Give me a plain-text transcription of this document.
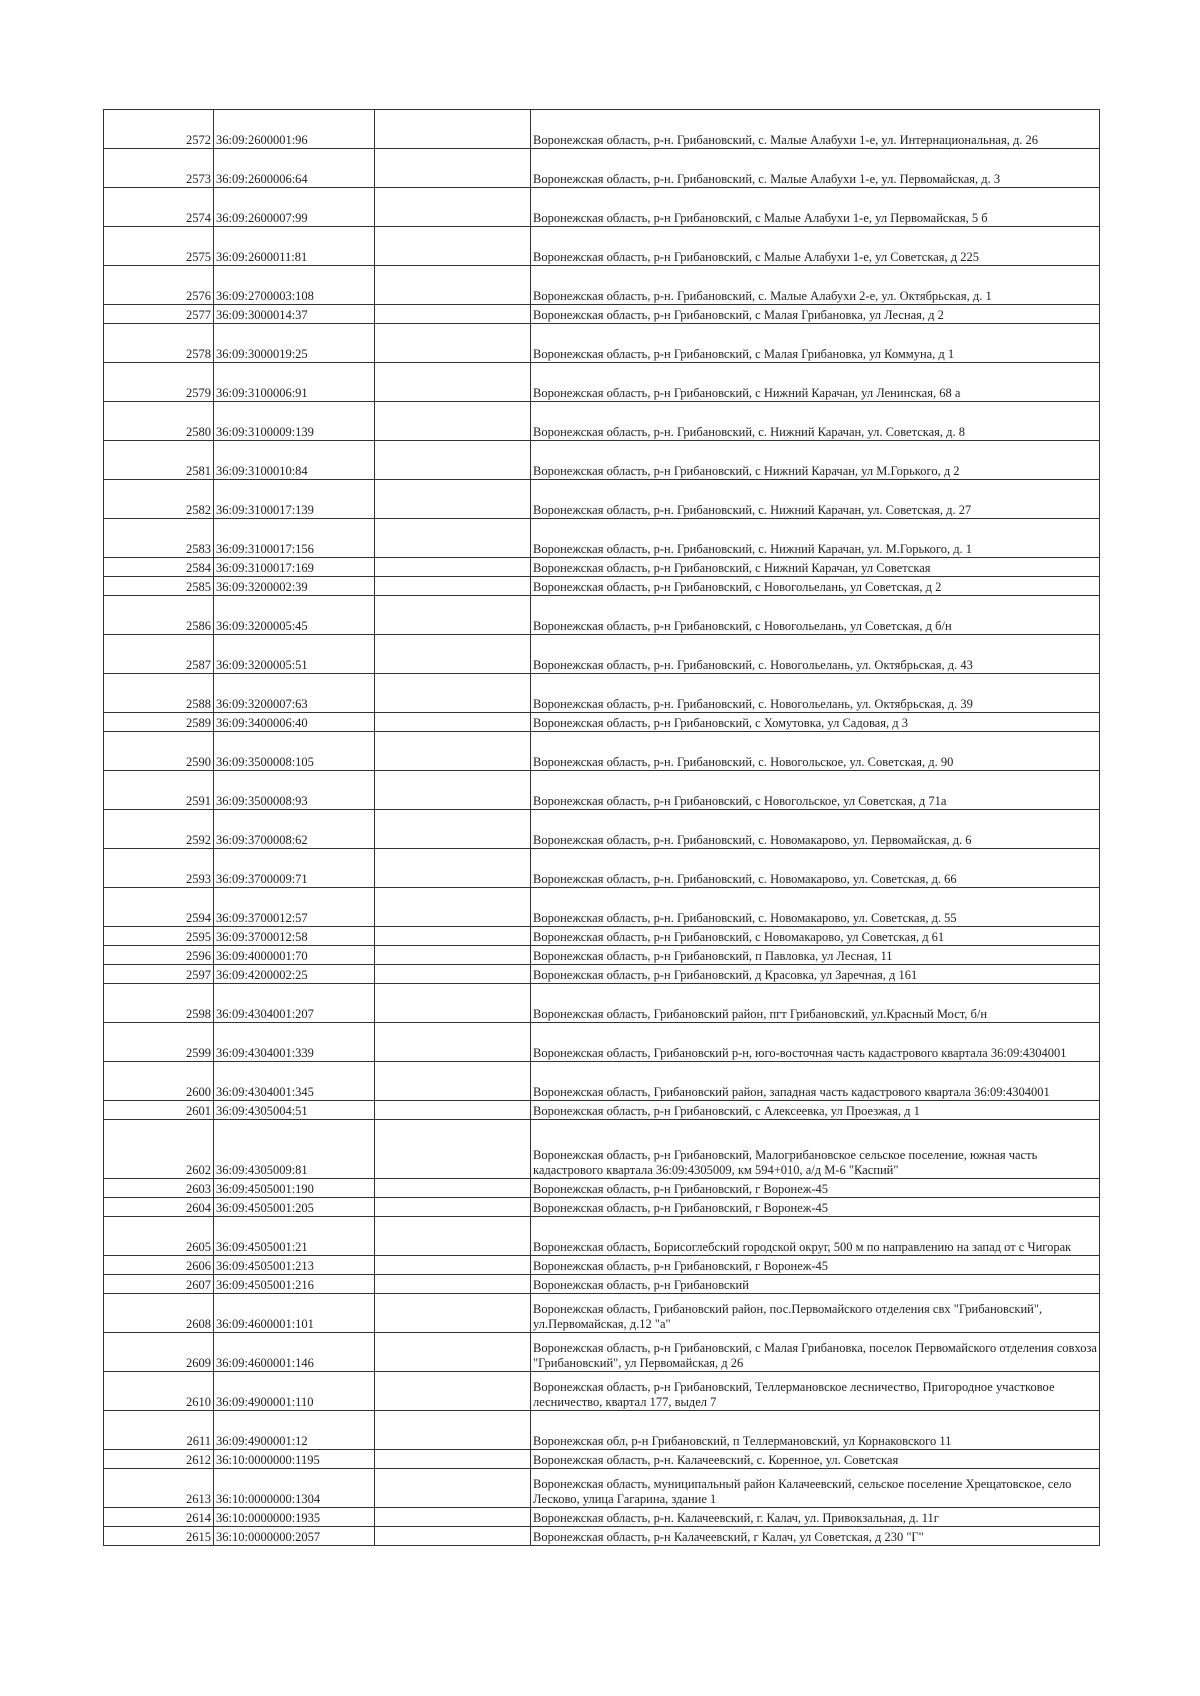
2572	36:09:2600001:96		Воронежская область, р-н. Грибановский, с. Малые Алабухи 1-е, ул. Интернациональная, д. 26
2573	36:09:2600006:64		Воронежская область, р-н. Грибановский, с. Малые Алабухи 1-е, ул. Первомайская, д. 3
2574	36:09:2600007:99		Воронежская область, р-н Грибановский, с Малые Алабухи 1-е, ул Первомайская, 5 б
2575	36:09:2600011:81		Воронежская область, р-н Грибановский, с Малые Алабухи 1-е, ул Советская, д 225
2576	36:09:2700003:108		Воронежская область, р-н. Грибановский, с. Малые Алабухи 2-е, ул. Октябрьская, д. 1
2577	36:09:3000014:37		Воронежская область, р-н Грибановский, с Малая Грибановка, ул Лесная, д 2
2578	36:09:3000019:25		Воронежская область, р-н Грибановский, с Малая Грибановка, ул Коммуна, д 1
2579	36:09:3100006:91		Воронежская область, р-н Грибановский, с Нижний Карачан, ул Ленинская, 68 а
2580	36:09:3100009:139		Воронежская область, р-н. Грибановский, с. Нижний Карачан, ул. Советская, д. 8
2581	36:09:3100010:84		Воронежская область, р-н Грибановский, с Нижний Карачан, ул М.Горького, д 2
2582	36:09:3100017:139		Воронежская область, р-н. Грибановский, с. Нижний Карачан, ул. Советская, д. 27
2583	36:09:3100017:156		Воронежская область, р-н. Грибановский, с. Нижний Карачан, ул. М.Горького, д. 1
2584	36:09:3100017:169		Воронежская область, р-н Грибановский, с Нижний Карачан, ул Советская
2585	36:09:3200002:39		Воронежская область, р-н Грибановский, с Новогольелань, ул Советская, д 2
2586	36:09:3200005:45		Воронежская область, р-н Грибановский, с Новогольелань, ул Советская, д б/н
2587	36:09:3200005:51		Воронежская область, р-н. Грибановский, с. Новогольелань, ул. Октябрьская, д. 43
2588	36:09:3200007:63		Воронежская область, р-н. Грибановский, с. Новогольелань, ул. Октябрьская, д. 39
2589	36:09:3400006:40		Воронежская область, р-н Грибановский, с Хомутовка, ул Садовая, д 3
2590	36:09:3500008:105		Воронежская область, р-н. Грибановский, с. Новогольское, ул. Советская, д. 90
2591	36:09:3500008:93		Воронежская область, р-н Грибановский, с Новогольское, ул Советская, д 71а
2592	36:09:3700008:62		Воронежская область, р-н. Грибановский, с. Новомакарово, ул. Первомайская, д. 6
2593	36:09:3700009:71		Воронежская область, р-н. Грибановский, с. Новомакарово, ул. Советская, д. 66
2594	36:09:3700012:57		Воронежская область, р-н. Грибановский, с. Новомакарово, ул. Советская, д. 55
2595	36:09:3700012:58		Воронежская область, р-н Грибановский, с Новомакарово, ул Советская, д 61
2596	36:09:4000001:70		Воронежская область, р-н Грибановский, п Павловка, ул Лесная, 11
2597	36:09:4200002:25		Воронежская область, р-н Грибановский, д Красовка, ул Заречная, д 161
2598	36:09:4304001:207		Воронежская область, Грибановский район, пгт Грибановский, ул.Красный Мост, б/н
2599	36:09:4304001:339		Воронежская область, Грибановский р-н, юго-восточная часть кадастрового квартала 36:09:4304001
2600	36:09:4304001:345		Воронежская область, Грибановский район, западная часть кадастрового квартала 36:09:4304001
2601	36:09:4305004:51		Воронежская область, р-н Грибановский, с Алексеевка, ул Проезжая, д 1
2602	36:09:4305009:81		Воронежская область, р-н Грибановский, Малогрибановское сельское поселение, южная часть кадастрового квартала 36:09:4305009, км 594+010, а/д М-6 "Каспий"
2603	36:09:4505001:190		Воронежская область, р-н Грибановский, г Воронеж-45
2604	36:09:4505001:205		Воронежская область, р-н Грибановский, г Воронеж-45
2605	36:09:4505001:21		Воронежская область, Борисоглебский городской округ, 500 м по направлению на запад от с Чигорак
2606	36:09:4505001:213		Воронежская область, р-н Грибановский, г Воронеж-45
2607	36:09:4505001:216		Воронежская область, р-н Грибановский
2608	36:09:4600001:101		Воронежская область, Грибановский район, пос.Первомайского отделения свх "Грибановский", ул.Первомайская, д.12 "а"
2609	36:09:4600001:146		Воронежская область, р-н Грибановский, с Малая Грибановка, поселок Первомайского отделения совхоза "Грибановский", ул Первомайская, д 26
2610	36:09:4900001:110		Воронежская область, р-н Грибановский, Теллермановское лесничество, Пригородное участковое лесничество, квартал 177, выдел 7
2611	36:09:4900001:12		Воронежская обл, р-н Грибановский, п Теллермановский, ул Корнаковского 11
2612	36:10:0000000:1195		Воронежская область, р-н. Калачеевский, с. Коренное, ул. Советская
2613	36:10:0000000:1304		Воронежская область, муниципальный район Калачеевский, сельское поселение Хрещатовское, село Лесково, улица Гагарина, здание 1
2614	36:10:0000000:1935		Воронежская область, р-н. Калачеевский, г. Калач, ул. Привокзальная, д. 11г
2615	36:10:0000000:2057		Воронежская область, р-н Калачеевский, г Калач, ул Советская, д 230 "Г"
